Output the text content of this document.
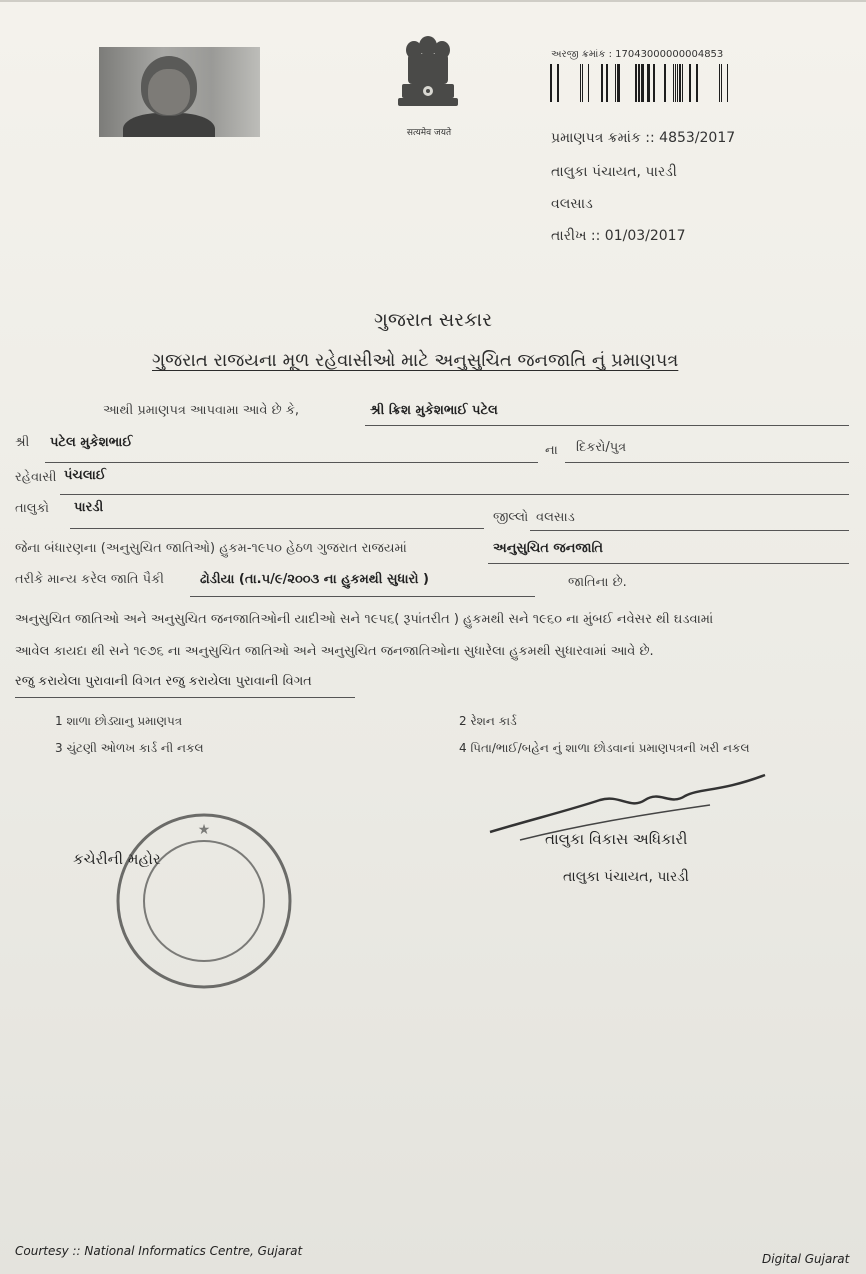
सत्यमेव जयते
અરજી ક્રમાંક : 17043000000004853
પ્રમાણપત્ર ક્રમાંક :: 4853/2017
તાલુકા પંચાયત, પારડી
વલસાડ
તારીખ :: 01/03/2017
ગુજરાત સરકાર
ગુજરાત રાજયના મૂળ રહેવાસીઓ માટે અનુસુચિત જનજાતિ નું પ્રમાણપત્ર
આથી પ્રમાણપત્ર આપવામા આવે છે કે,	શ્રી ક્રિશ મુકેશભાઈ પટેલ
શ્રી પટેલ મુકેશભાઈ
ના દિકરો/પુત્ર
રહેવાસી પંચલાઈ
તાલુકો પારડી
જીલ્લો વલસાડ
જેના બંધારણના (અનુસુચિત જાતિઓ) હુકમ-૧૯૫૦ હેઠળ ગુજરાત રાજયમાં	અનુસુચિત જનજાતિ
તરીકે માન્ય કરેલ જાતિ પૈકી	ઢોડીયા (તા.૫/૯/૨૦૦૩ ના હુકમથી સુધારો )	જાતિના છે.
અનુસુચિત જાતિઓ અને અનુસુચિત જનજાતિઓની યાદીઓ સને ૧૯૫૬( રૂપાંતરીત ) હુકમથી સને ૧૯૬૦ ના મુંબઈ નવેસર થી ઘડવામાં
આવેલ કાયદા થી સને ૧૯૭૬ ના અનુસુચિત જાતિઓ અને અનુસુચિત જનજાતિઓના સુધારેલા હુકમથી સુધારવામાં આવે છે.
રજુ કરાયેલા પુરાવાની વિગત રજુ કરાયેલા પુરાવાની વિગત
1 શાળા છોડ્યાનુ પ્રમાણપત્ર	2 રેશન કાર્ડ
3 ચુંટણી ઓળખ કાર્ડ ની નકલ	4 પિતા/ભાઈ/બહેન નું શાળા છોડવાનાં પ્રમાણપત્રની ખરી નકલ
★
કચેરીની મહોર
તાલુકા વિકાસ અધિકારી
તાલુકા પંચાયત, પારડી
Courtesy :: National Informatics Centre, Gujarat
Digital Gujarat
